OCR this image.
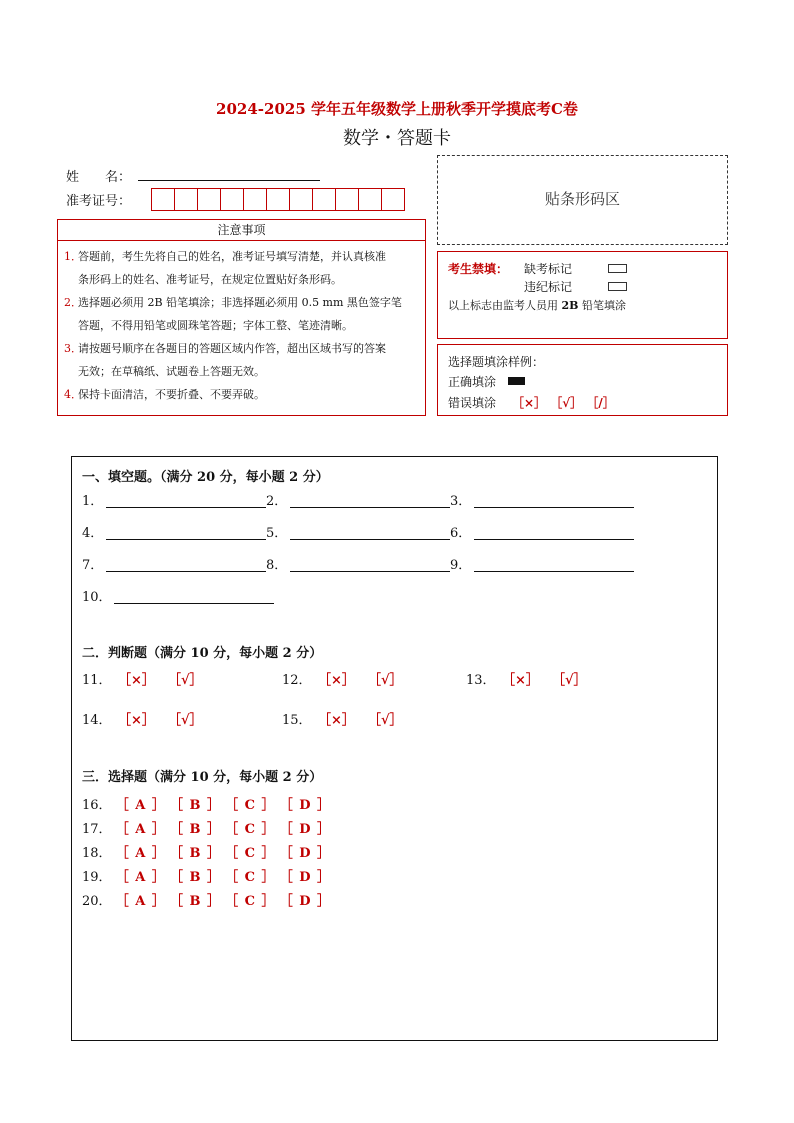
2024-2025 学年五年级数学上册秋季开学摸底考C卷
数学・答题卡
姓　　名：
准考证号：
注意事项
1．
答题前，考生先将自己的姓名，准考证号填写清楚，并认真核准
条形码上的姓名、准考证号，在规定位置贴好条形码。
2．
选择题必须用 2B 铅笔填涂；非选择题必须用 0.5 mm 黑色签字笔
答题，不得用铅笔或圆珠笔答题；字体工整、笔迹清晰。
3．
请按题号顺序在各题目的答题区域内作答，超出区域书写的答案
无效；在草稿纸、试题卷上答题无效。
4．
保持卡面清洁，不要折叠、不要弄破。
贴条形码区
考生禁填： 缺考标记
违纪标记
以上标志由监考人员用 2B 铅笔填涂
选择题填涂样例：
正确填涂
错误填涂 ［×］ ［√］ ［/］
一、填空题。（满分 20 分，每小题 2 分）
1．	2．	3．
4．	5．	6．
7．	8．	9．
10．
二．判断题（满分 10 分，每小题 2 分）
11． ［×］ ［√］	12． ［×］ ［√］	13． ［×］ ［√］
14． ［×］ ［√］	15． ［×］ ［√］
三．选择题（满分 10 分，每小题 2 分）
16． ［ A ］ ［ B ］ ［ C ］ ［ D ］
17． ［ A ］ ［ B ］ ［ C ］ ［ D ］
18． ［ A ］ ［ B ］ ［ C ］ ［ D ］
19． ［ A ］ ［ B ］ ［ C ］ ［ D ］
20． ［ A ］ ［ B ］ ［ C ］ ［ D ］
